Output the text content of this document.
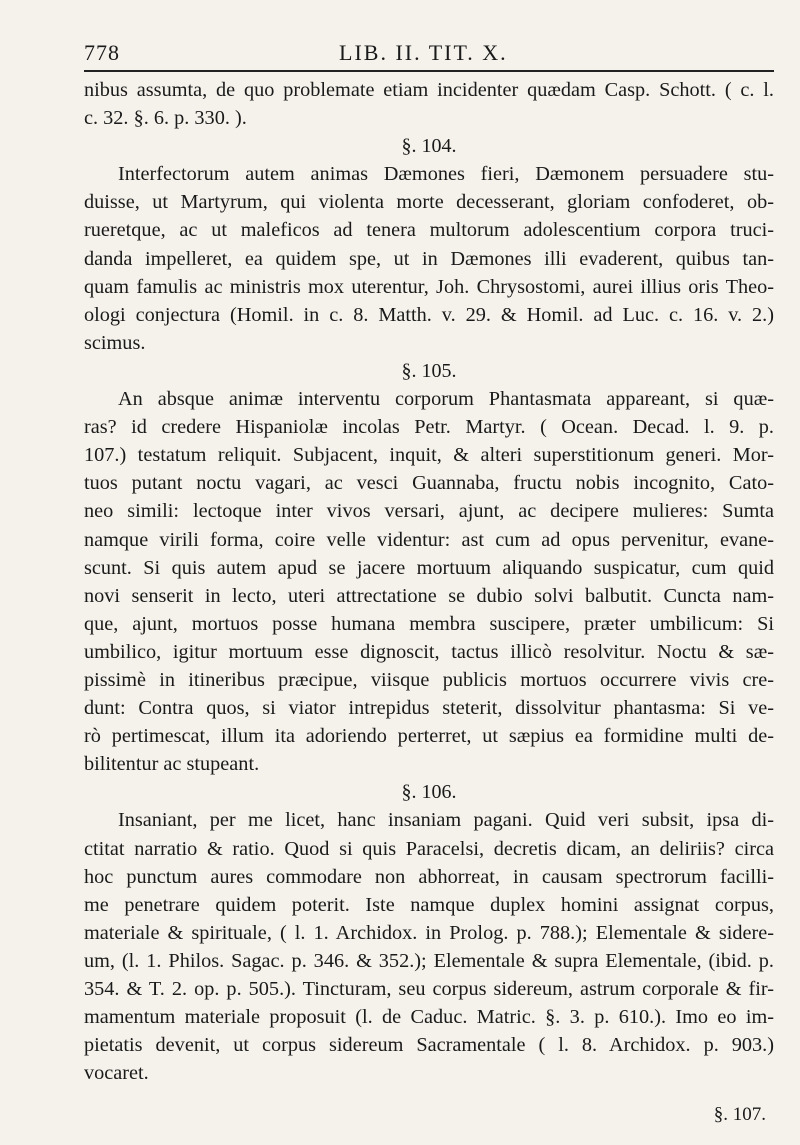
778	LIB. II. TIT. X.
nibus assumta, de quo problemate etiam incidenter quædam Casp. Schott. ( c. l.
c. 32. §. 6. p. 330. ).
§. 104.
Interfectorum autem animas Dæmones fieri, Dæmonem persuadere stu-
duisse, ut Martyrum, qui violenta morte decesserant, gloriam confoderet, ob-
rueretque, ac ut maleficos ad tenera multorum adolescentium corpora truci-
danda impelleret, ea quidem spe, ut in Dæmones illi evaderent, quibus tan-
quam famulis ac ministris mox uterentur, Joh. Chrysostomi, aurei illius oris Theo-
ologi conjectura (Homil. in c. 8. Matth. v. 29. & Homil. ad Luc. c. 16. v. 2.)
scimus.
§. 105.
An absque animæ interventu corporum Phantasmata appareant, si quæ-
ras? id credere Hispaniolæ incolas Petr. Martyr. ( Ocean. Decad. l. 9. p.
107.) testatum reliquit. Subjacent, inquit, & alteri superstitionum generi. Mor-
tuos putant noctu vagari, ac vesci Guannaba, fructu nobis incognito, Cato-
neo simili: lectoque inter vivos versari, ajunt, ac decipere mulieres: Sumta
namque virili forma, coire velle videntur: ast cum ad opus pervenitur, evane-
scunt. Si quis autem apud se jacere mortuum aliquando suspicatur, cum quid
novi senserit in lecto, uteri attrectatione se dubio solvi balbutit. Cuncta nam-
que, ajunt, mortuos posse humana membra suscipere, præter umbilicum: Si
umbilico, igitur mortuum esse dignoscit, tactus illicò resolvitur. Noctu & sæ-
pissimè in itineribus præcipue, viisque publicis mortuos occurrere vivis cre-
dunt: Contra quos, si viator intrepidus steterit, dissolvitur phantasma: Si ve-
rò pertimescat, illum ita adoriendo perterret, ut sæpius ea formidine multi de-
bilitentur ac stupeant.
§. 106.
Insaniant, per me licet, hanc insaniam pagani. Quid veri subsit, ipsa di-
ctitat narratio & ratio. Quod si quis Paracelsi, decretis dicam, an deliriis? circa
hoc punctum aures commodare non abhorreat, in causam spectrorum facilli-
me penetrare quidem poterit. Iste namque duplex homini assignat corpus,
materiale & spirituale, ( l. 1. Archidox. in Prolog. p. 788.); Elementale & sidere-
um, (l. 1. Philos. Sagac. p. 346. & 352.); Elementale & supra Elementale, (ibid. p.
354. & T. 2. op. p. 505.). Tincturam, seu corpus sidereum, astrum corporale & fir-
mamentum materiale proposuit (l. de Caduc. Matric. §. 3. p. 610.). Imo eo im-
pietatis devenit, ut corpus sidereum Sacramentale ( l. 8. Archidox. p. 903.)
vocaret.
§. 107.
